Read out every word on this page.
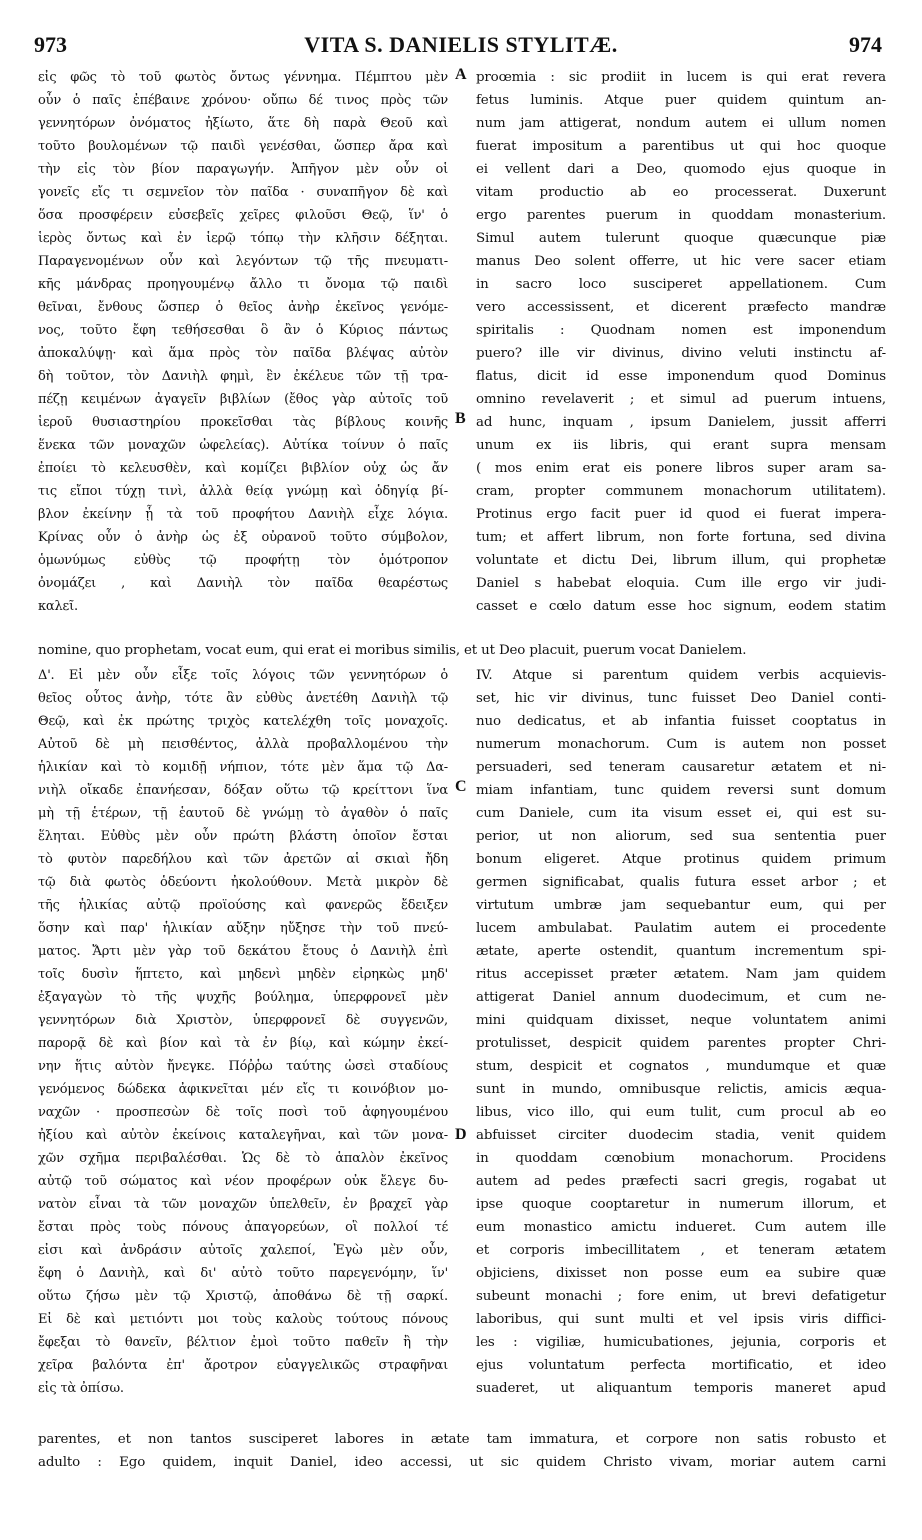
973	VITA S. DANIELIS STYLITÆ.	974
A
B
C
D
εἰς φῶς τὸ τοῦ φωτὸς ὄντως γέννημα. Πέμπτου μὲν
οὖν ὁ παῖς ἐπέβαινε χρόνου· οὔπω δέ τινος πρὸς τῶν
γεννητόρων ὀνόματος ἠξίωτο, ἅτε δὴ παρὰ Θεοῦ καὶ
τοῦτο βουλομένων τῷ παιδὶ γενέσθαι, ὥσπερ ἄρα καὶ
τὴν εἰς τὸν βίον παραγωγήν. Ἀπῆγον μὲν οὖν οἱ
γονεῖς εἴς τι σεμνεῖον τὸν παῖδα · συναπῆγον δὲ καὶ
ὅσα προσφέρειν εὐσεβεῖς χεῖρες φιλοῦσι Θεῷ, ἵν' ὁ
ἱερὸς ὄντως καὶ ἐν ἱερῷ τόπῳ τὴν κλῆσιν δέξηται.
Παραγενομένων οὖν καὶ λεγόντων τῷ τῆς πνευματι-
κῆς μάνδρας προηγουμένῳ ἄλλο τι ὄνομα τῷ παιδὶ
θεῖναι, ἔνθους ὥσπερ ὁ θεῖος ἀνὴρ ἐκεῖνος γενόμε-
νος, τοῦτο ἔφη τεθήσεσθαι ὃ ἂν ὁ Κύριος πάντως
ἀποκαλύψῃ· καὶ ἅμα πρὸς τὸν παῖδα βλέψας αὐτὸν
δὴ τοῦτον, τὸν Δανιὴλ φημὶ, ἓν ἐκέλευε τῶν τῇ τρα-
πέζῃ κειμένων ἀγαγεῖν βιβλίων (ἔθος γὰρ αὐτοῖς τοῦ
ἱεροῦ θυσιαστηρίου προκεῖσθαι τὰς βίβλους κοινῆς
ἕνεκα τῶν μοναχῶν ὠφελείας). Αὐτίκα τοίνυν ὁ παῖς
ἐποίει τὸ κελευσθὲν, καὶ κομίζει βιβλίον οὐχ ὡς ἄν
τις εἴποι τύχῃ τινὶ, ἀλλὰ θείᾳ γνώμῃ καὶ ὁδηγίᾳ βί-
βλον ἐκείνην ᾗ τὰ τοῦ προφήτου Δανιὴλ εἶχε λόγια.
Κρίνας οὖν ὁ ἀνὴρ ὡς ἐξ οὐρανοῦ τοῦτο σύμβολον,
ὁμωνύμως εὐθὺς τῷ προφήτῃ τὸν ὁμότροπον
ὀνομάζει , καὶ Δανιὴλ τὸν παῖδα θεαρέστως
καλεῖ.
proœmia : sic prodiit in lucem is qui erat revera
fetus luminis. Atque puer quidem quintum an-
num jam attigerat, nondum autem ei ullum nomen
fuerat impositum a parentibus ut qui hoc quoque
ei vellent dari a Deo, quomodo ejus quoque in
vitam productio ab eo processerat. Duxerunt
ergo parentes puerum in quoddam monasterium.
Simul autem tulerunt quoque quæcunque piæ
manus Deo solent offerre, ut hic vere sacer etiam
in sacro loco susciperet appellationem. Cum
vero accessissent, et dicerent præfecto mandræ
spiritalis : Quodnam nomen est imponendum
puero? ille vir divinus, divino veluti instinctu af-
flatus, dicit id esse imponendum quod Dominus
omnino revelaverit ; et simul ad puerum intuens,
ad hunc, inquam , ipsum Danielem, jussit afferri
unum ex iis libris, qui erant supra mensam
( mos enim erat eis ponere libros super aram sa-
cram, propter communem monachorum utilitatem).
Protinus ergo facit puer id quod ei fuerat impera-
tum; et affert librum, non forte fortuna, sed divina
voluntate et dictu Dei, librum illum, qui prophetæ
Daniel s habebat eloquia. Cum ille ergo vir judi-
casset e cœlo datum esse hoc signum, eodem statim
nomine, quo prophetam, vocat eum, qui erat ei moribus similis, et ut Deo placuit, puerum vocat Danielem.
Δ'. Εἰ μὲν οὖν εἶξε τοῖς λόγοις τῶν γεννητόρων ὁ
θεῖος οὗτος ἀνὴρ, τότε ἂν εὐθὺς ἀνετέθη Δανιὴλ τῷ
Θεῷ, καὶ ἐκ πρώτης τριχὸς κατελέχθη τοῖς μοναχοῖς.
Αὐτοῦ δὲ μὴ πεισθέντος, ἀλλὰ προβαλλομένου τὴν
ἡλικίαν καὶ τὸ κομιδῇ νήπιον, τότε μὲν ἅμα τῷ Δα-
νιὴλ οἴκαδε ἐπανήεσαν, δόξαν οὕτω τῷ κρείττονι ἵνα
μὴ τῇ ἑτέρων, τῇ ἑαυτοῦ δὲ γνώμῃ τὸ ἀγαθὸν ὁ παῖς
ἕληται. Εὐθὺς μὲν οὖν πρώτη βλάστη ὁποῖον ἔσται
τὸ φυτὸν παρεδήλου καὶ τῶν ἀρετῶν αἱ σκιαὶ ἤδη
τῷ διὰ φωτὸς ὁδεύοντι ἠκολούθουν. Μετὰ μικρὸν δὲ
τῆς ἡλικίας αὐτῷ προϊούσης καὶ φανερῶς ἔδειξεν
ὅσην καὶ παρ' ἡλικίαν αὔξην ηὔξησε τὴν τοῦ πνεύ-
ματος. Ἄρτι μὲν γὰρ τοῦ δεκάτου ἔτους ὁ Δανιὴλ ἐπὶ
τοῖς δυσὶν ἥπτετο, καὶ μηδενὶ μηδὲν εἰρηκὼς μηδ'
ἐξαγαγὼν τὸ τῆς ψυχῆς βούλημα, ὑπερφρονεῖ μὲν
γεννητόρων διὰ Χριστὸν, ὑπερφρονεῖ δὲ συγγενῶν,
παρορᾷ δὲ καὶ βίον καὶ τὰ ἐν βίῳ, καὶ κώμην ἐκεί-
νην ἥτις αὐτὸν ἤνεγκε. Πόῤῥω ταύτης ὡσεὶ σταδίους
γενόμενος δώδεκα ἀφικνεῖται μέν εἴς τι κοινόβιον μο-
ναχῶν · προσπεσὼν δὲ τοῖς ποσὶ τοῦ ἀφηγουμένου
ἠξίου καὶ αὐτὸν ἐκείνοις καταλεγῆναι, καὶ τῶν μονα-
χῶν σχῆμα περιβαλέσθαι. Ὡς δὲ τὸ ἁπαλὸν ἐκεῖνος
αὐτῷ τοῦ σώματος καὶ νέον προφέρων οὐκ ἔλεγε δυ-
νατὸν εἶναι τὰ τῶν μοναχῶν ὑπελθεῖν, ἐν βραχεῖ γὰρ
ἔσται πρὸς τοὺς πόνους ἀπαγορεύων, οἳ πολλοί τέ
εἰσι καὶ ἀνδράσιν αὐτοῖς χαλεποί, Ἐγὼ μὲν οὖν,
ἔφη ὁ Δανιὴλ, καὶ δι' αὐτὸ τοῦτο παρεγενόμην, ἵν'
οὕτω ζήσω μὲν τῷ Χριστῷ, ἀποθάνω δὲ τῇ σαρκί.
Εἰ δὲ καὶ μετιόντι μοι τοὺς καλοὺς τούτους πόνους
ἔφεξαι τὸ θανεῖν, βέλτιον ἐμοὶ τοῦτο παθεῖν ἢ τὴν
χεῖρα βαλόντα ἐπ' ἄροτρον εὐαγγελικῶς στραφῆναι
εἰς τὰ ὀπίσω.
IV. Atque si parentum quidem verbis acquievis-
set, hic vir divinus, tunc fuisset Deo Daniel conti-
nuo dedicatus, et ab infantia fuisset cooptatus in
numerum monachorum. Cum is autem non posset
persuaderi, sed teneram causaretur ætatem et ni-
miam infantiam, tunc quidem reversi sunt domum
cum Daniele, cum ita visum esset ei, qui est su-
perior, ut non aliorum, sed sua sententia puer
bonum eligeret. Atque protinus quidem primum
germen significabat, qualis futura esset arbor ; et
virtutum umbræ jam sequebantur eum, qui per
lucem ambulabat. Paulatim autem ei procedente
ætate, aperte ostendit, quantum incrementum spi-
ritus accepisset præter ætatem. Nam jam quidem
attigerat Daniel annum duodecimum, et cum ne-
mini quidquam dixisset, neque voluntatem animi
protulisset, despicit quidem parentes propter Chri-
stum, despicit et cognatos , mundumque et quæ
sunt in mundo, omnibusque relictis, amicis æqua-
libus, vico illo, qui eum tulit, cum procul ab eo
abfuisset circiter duodecim stadia, venit quidem
in quoddam cœnobium monachorum. Procidens
autem ad pedes præfecti sacri gregis, rogabat ut
ipse quoque cooptaretur in numerum illorum, et
eum monastico amictu indueret. Cum autem ille
et corporis imbecillitatem , et teneram ætatem
objiciens, dixisset non posse eum ea subire quæ
subeunt monachi ; fore enim, ut brevi defatigetur
laboribus, qui sunt multi et vel ipsis viris diffici-
les : vigiliæ, humicubationes, jejunia, corporis et
ejus voluntatum perfecta mortificatio, et ideo
suaderet, ut aliquantum temporis maneret apud
parentes, et non tantos susciperet labores in ætate tam immatura, et corpore non satis robusto et
adulto : Ego quidem, inquit Daniel, ideo accessi, ut sic quidem Christo vivam, moriar autem carni
